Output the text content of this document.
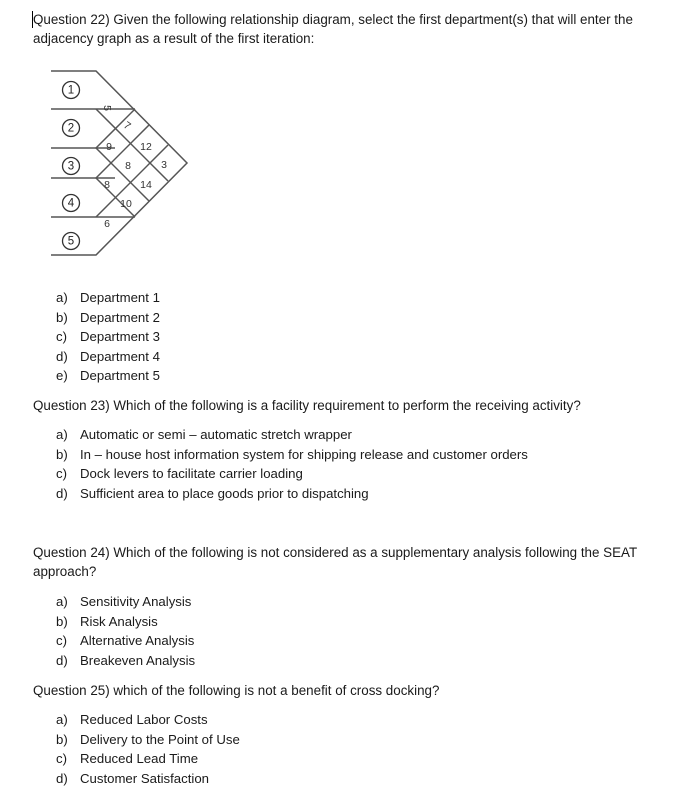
Question 22) Given the following relationship diagram, select the first department(s) that will enter the adjacency graph as a result of the first iteration:

1
2
3
4
5
5
7
12
3
9
8
14
8
10
6
a) Department 1
b) Department 2
c) Department 3
d) Department 4
e) Department 5

Question 23) Which of the following is a facility requirement to perform the receiving activity?

a) Automatic or semi – automatic stretch wrapper
b) In – house host information system for shipping release and customer orders
c) Dock levers to facilitate carrier loading
d) Sufficient area to place goods prior to dispatching

Question 24) Which of the following is not considered as a supplementary analysis following the SEAT approach?

a) Sensitivity Analysis
b) Risk Analysis
c) Alternative Analysis
d) Breakeven Analysis

Question 25) which of the following is not a benefit of cross docking?

a) Reduced Labor Costs
b) Delivery to the Point of Use
c) Reduced Lead Time
d) Customer Satisfaction
